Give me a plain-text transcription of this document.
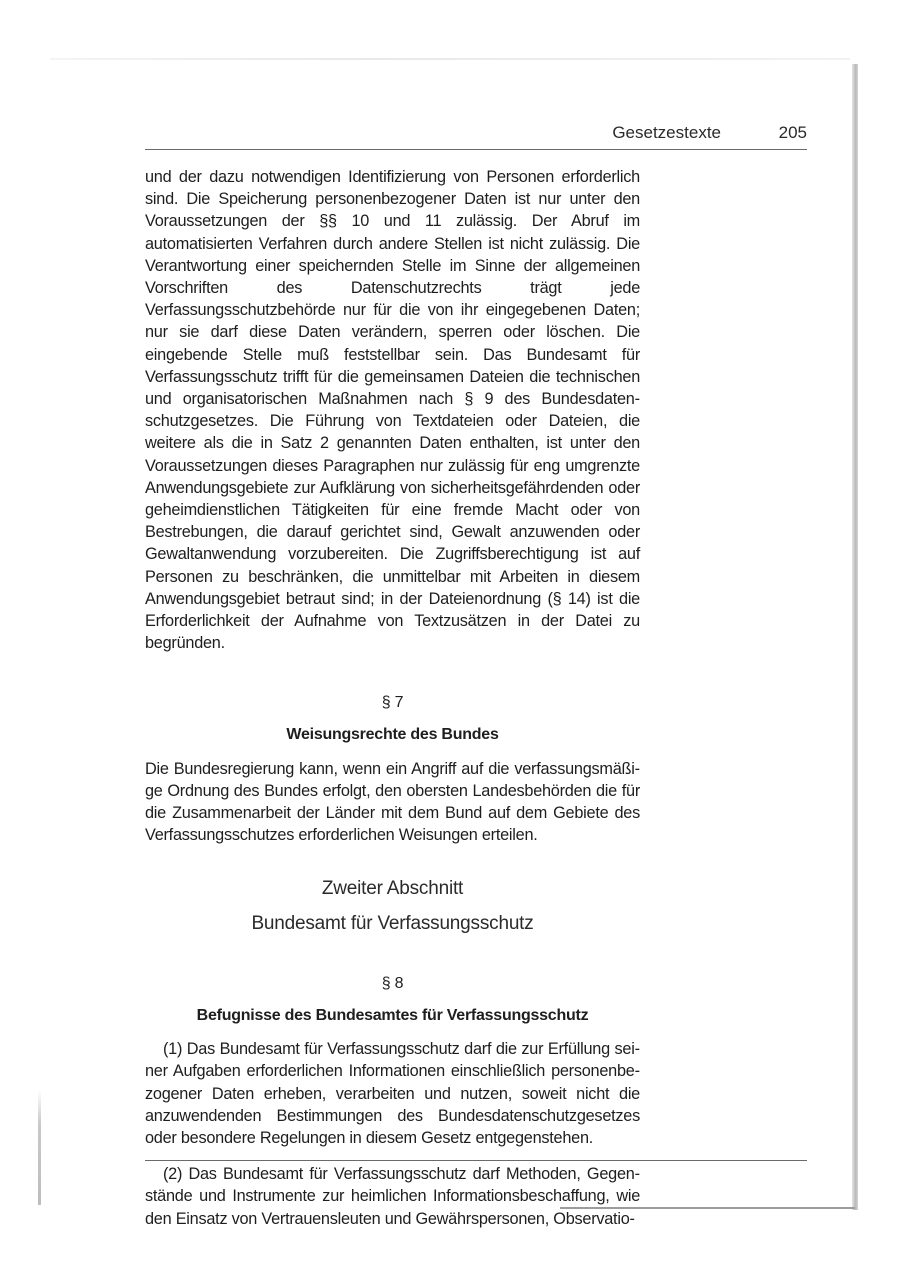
Gesetzestexte	205

und der dazu notwendigen Identifizierung von Personen erforderlich sind. Die Speicherung personenbezogener Daten ist nur unter den Voraussetzungen der §§ 10 und 11 zulässig. Der Abruf im automatisierten Verfahren durch andere Stellen ist nicht zulässig. Die Verantwortung einer speichernden Stelle im Sinne der allgemeinen Vorschriften des Datenschutzrechts trägt jede Verfassungsschutzbehörde nur für die von ihr eingegebenen Daten; nur sie darf diese Daten verändern, sperren oder löschen. Die eingebende Stelle muß feststellbar sein. Das Bundesamt für Verfassungsschutz trifft für die gemeinsamen Dateien die technischen und organisatorischen Maßnahmen nach § 9 des Bundesdatenschutzgesetzes. Die Führung von Textdateien oder Dateien, die weitere als die in Satz 2 genannten Daten enthalten, ist unter den Voraussetzungen dieses Paragraphen nur zulässig für eng umgrenzte Anwendungsgebiete zur Aufklärung von sicherheitsgefährdenden oder geheimdienstlichen Tätigkeiten für eine fremde Macht oder von Bestrebungen, die darauf gerichtet sind, Gewalt anzuwenden oder Gewaltanwendung vorzubereiten. Die Zugriffsberechtigung ist auf Personen zu beschränken, die unmittelbar mit Arbeiten in diesem Anwendungsgebiet betraut sind; in der Dateienordnung (§ 14) ist die Erforderlichkeit der Aufnahme von Textzusätzen in der Datei zu begründen.

§ 7
Weisungsrechte des Bundes

Die Bundesregierung kann, wenn ein Angriff auf die verfassungsmäßige Ordnung des Bundes erfolgt, den obersten Landesbehörden die für die Zusammenarbeit der Länder mit dem Bund auf dem Gebiete des Verfassungsschutzes erforderlichen Weisungen erteilen.

Zweiter Abschnitt
Bundesamt für Verfassungsschutz
§ 8
Befugnisse des Bundesamtes für Verfassungsschutz

(1) Das Bundesamt für Verfassungsschutz darf die zur Erfüllung seiner Aufgaben erforderlichen Informationen einschließlich personenbezogener Daten erheben, verarbeiten und nutzen, soweit nicht die anzuwendenden Bestimmungen des Bundesdatenschutzgesetzes oder besondere Regelungen in diesem Gesetz entgegenstehen.

(2) Das Bundesamt für Verfassungsschutz darf Methoden, Gegenstände und Instrumente zur heimlichen Informationsbeschaffung, wie den Einsatz von Vertrauensleuten und Gewährspersonen, Observatio-
